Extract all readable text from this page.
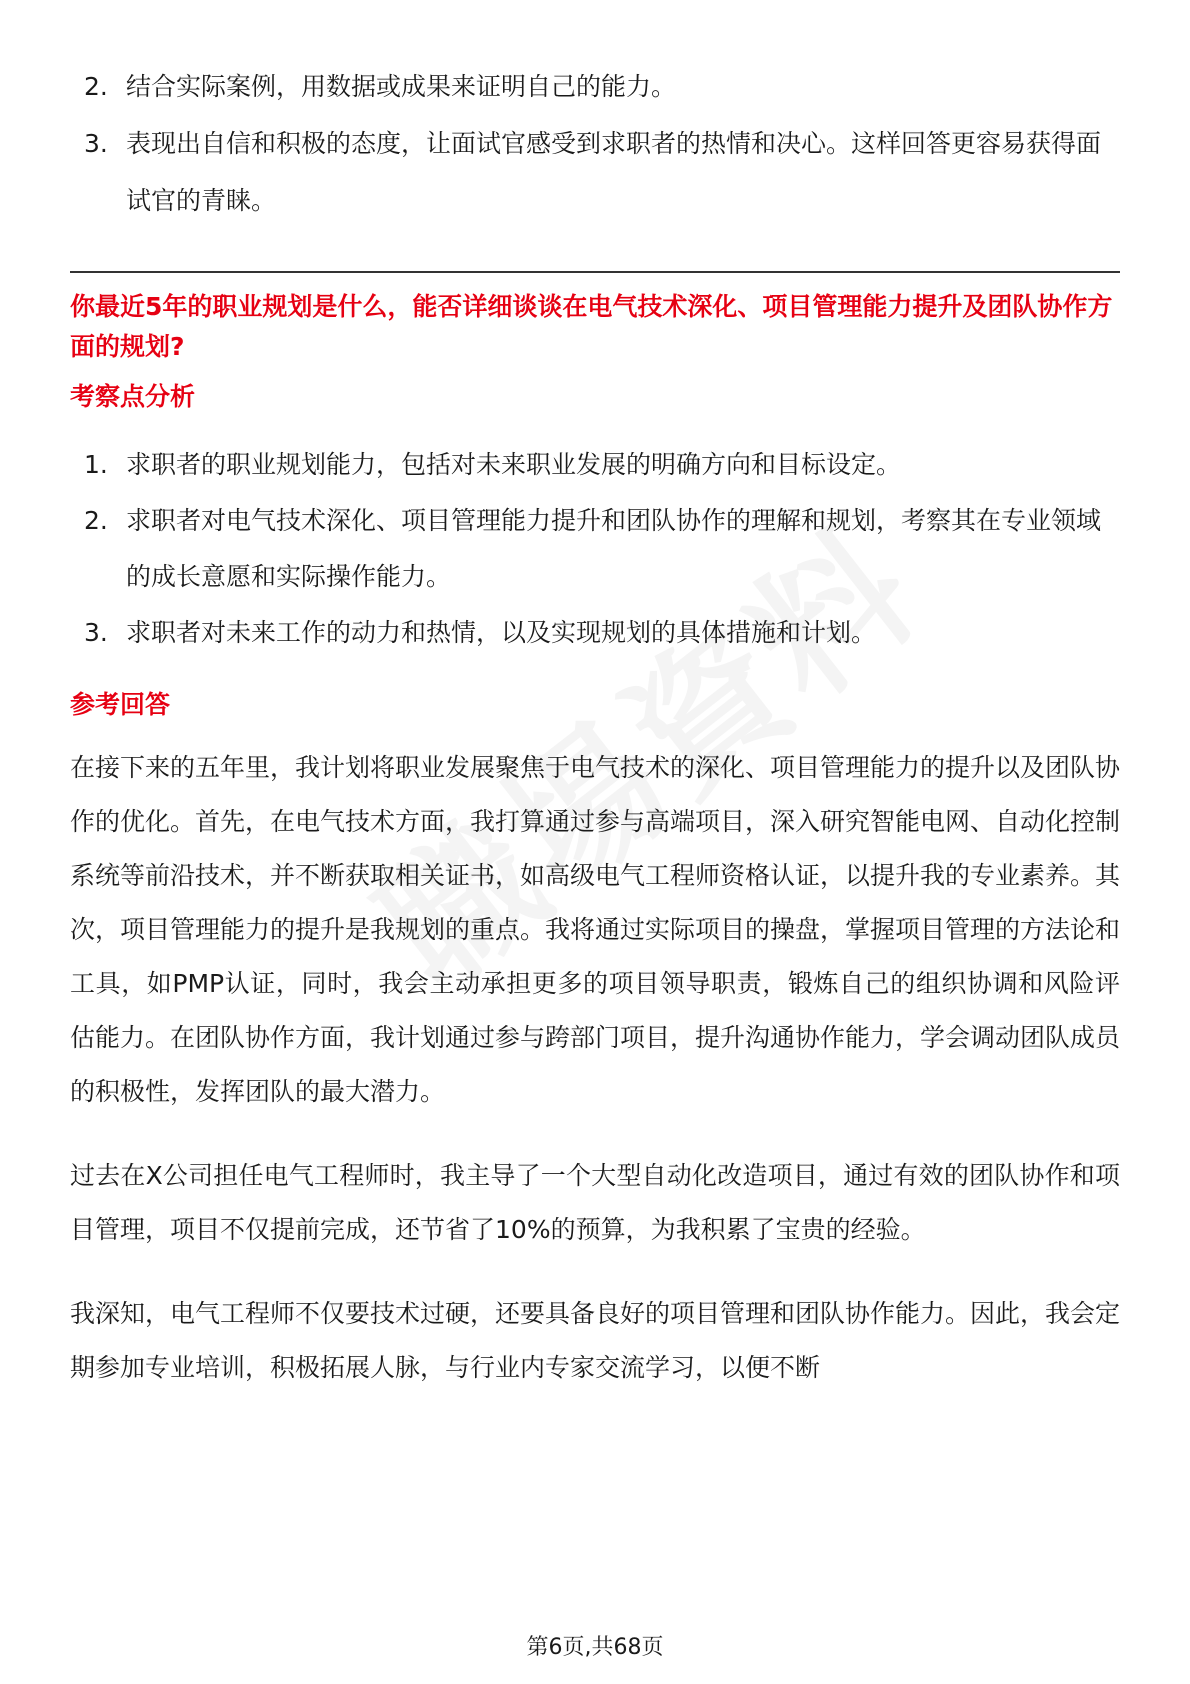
2. 结合实际案例，用数据或成果来证明自己的能力。
3. 表现出自信和积极的态度，让面试官感受到求职者的热情和决心。这样回答更容易获得面试官的青睐。

你最近5年的职业规划是什么，能否详细谈谈在电气技术深化、项目管理能力提升及团队协作方面的规划?

考察点分析

1. 求职者的职业规划能力，包括对未来职业发展的明确方向和目标设定。
2. 求职者对电气技术深化、项目管理能力提升和团队协作的理解和规划，考察其在专业领域的成长意愿和实际操作能力。
3. 求职者对未来工作的动力和热情，以及实现规划的具体措施和计划。

参考回答

在接下来的五年里，我计划将职业发展聚焦于电气技术的深化、项目管理能力的提升以及团队协作的优化。首先，在电气技术方面，我打算通过参与高端项目，深入研究智能电网、自动化控制系统等前沿技术，并不断获取相关证书，如高级电气工程师资格认证，以提升我的专业素养。其次，项目管理能力的提升是我规划的重点。我将通过实际项目的操盘，掌握项目管理的方法论和工具，如PMP认证，同时，我会主动承担更多的项目领导职责，锻炼自己的组织协调和风险评估能力。在团队协作方面，我计划通过参与跨部门项目，提升沟通协作能力，学会调动团队成员的积极性，发挥团队的最大潜力。

过去在X公司担任电气工程师时，我主导了一个大型自动化改造项目，通过有效的团队协作和项目管理，项目不仅提前完成，还节省了10%的预算，为我积累了宝贵的经验。

我深知，电气工程师不仅要技术过硬，还要具备良好的项目管理和团队协作能力。因此，我会定期参加专业培训，积极拓展人脉，与行业内专家交流学习，以便不断

第6页,共68页
